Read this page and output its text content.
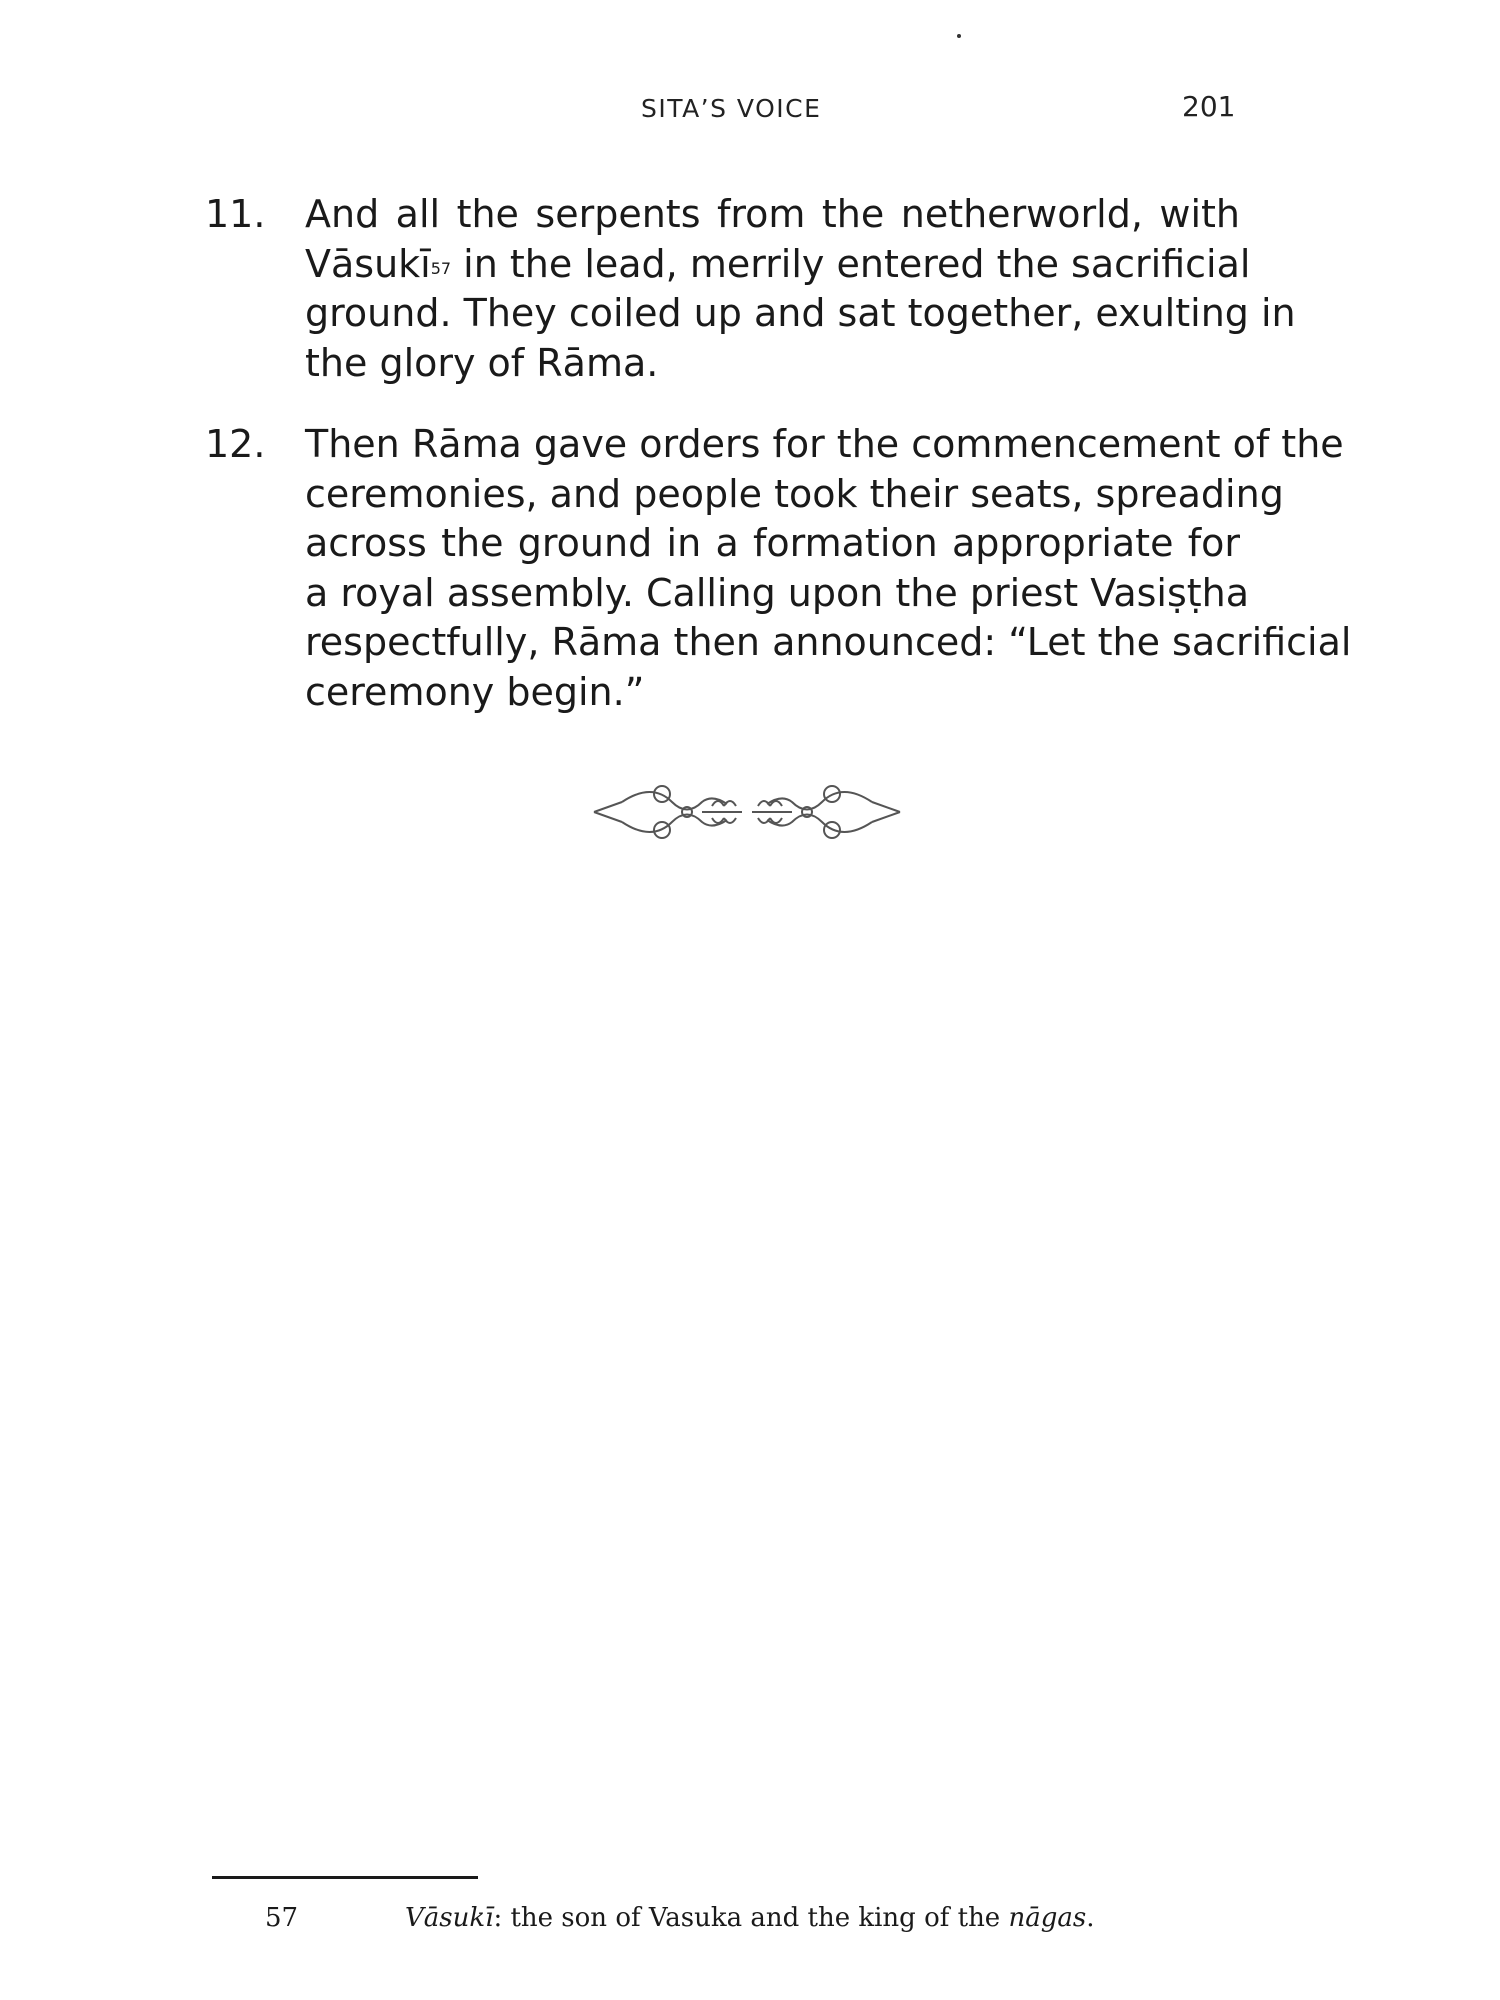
SITA’S VOICE	201
11.	And all the serpents from the netherworld, with
Vāsukī$^{57}$ in the lead, merrily entered the sacrificial
ground. They coiled up and sat together, exulting in
the glory of Rāma.
12.	Then Rāma gave orders for the commencement of the
ceremonies, and people took their seats, spreading
across the ground in a formation appropriate for
a royal assembly. Calling upon the priest Vasiṣṭha
respectfully, Rāma then announced: “Let the sacrificial
ceremony begin.”
57	Vāsukī: the son of Vasuka and the king of the nāgas.
